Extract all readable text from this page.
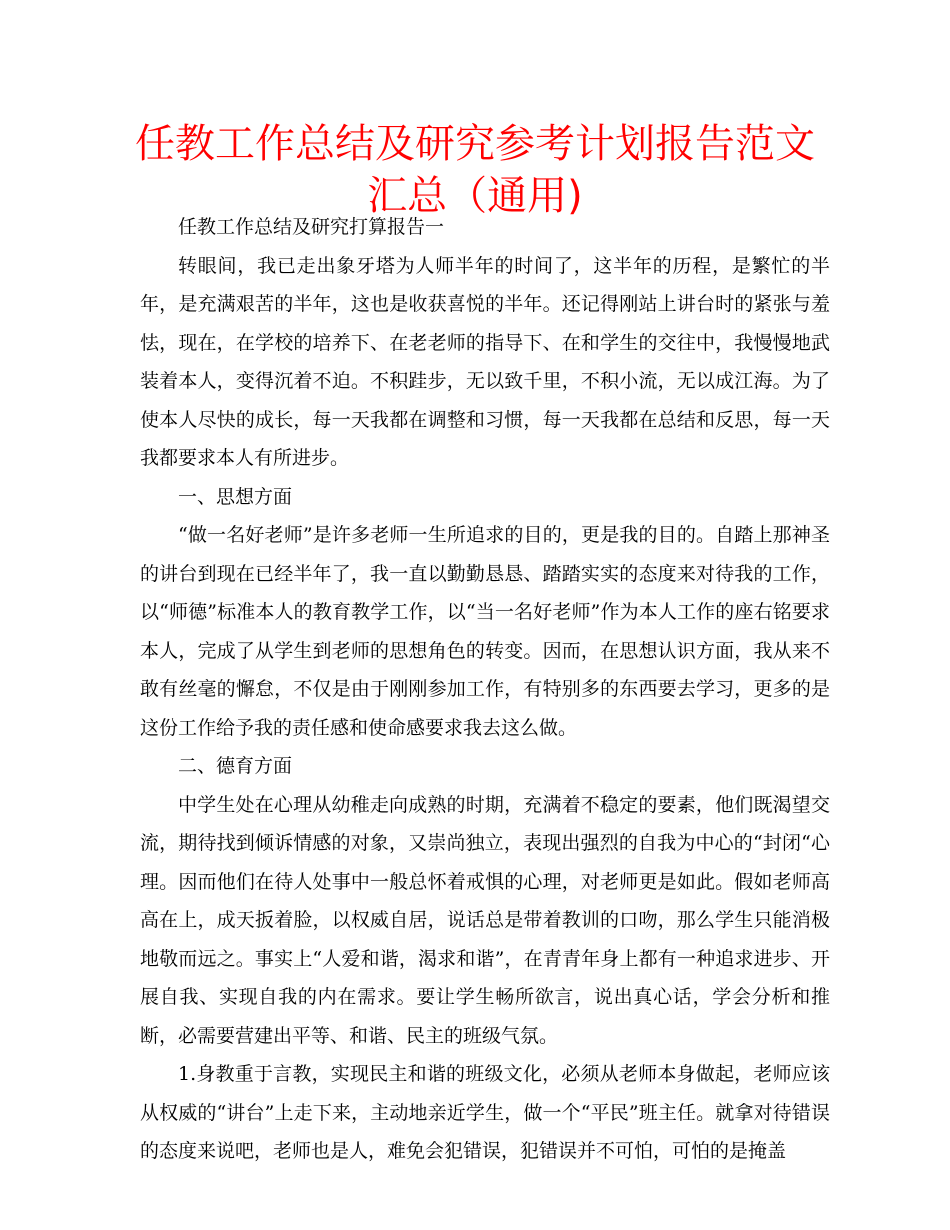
任教工作总结及研究参考计划报告范文汇总（通用)

任教工作总结及研究打算报告一

转眼间，我已走出象牙塔为人师半年的时间了，这半年的历程，是繁忙的半年，是充满艰苦的半年，这也是收获喜悦的半年。还记得刚站上讲台时的紧张与羞怯，现在，在学校的培养下、在老老师的指导下、在和学生的交往中，我慢慢地武装着本人，变得沉着不迫。不积跬步，无以致千里，不积小流，无以成江海。为了使本人尽快的成长，每一天我都在调整和习惯，每一天我都在总结和反思，每一天我都要求本人有所进步。

一、思想方面

“做一名好老师”是许多老师一生所追求的目的，更是我的目的。自踏上那神圣的讲台到现在已经半年了，我一直以勤勤恳恳、踏踏实实的态度来对待我的工作，以“师德”标准本人的教育教学工作，以“当一名好老师”作为本人工作的座右铭要求本人，完成了从学生到老师的思想角色的转变。因而，在思想认识方面，我从来不敢有丝毫的懈怠，不仅是由于刚刚参加工作，有特别多的东西要去学习，更多的是这份工作给予我的责任感和使命感要求我去这么做。

二、德育方面

中学生处在心理从幼稚走向成熟的时期，充满着不稳定的要素，他们既渴望交流，期待找到倾诉情感的对象，又崇尚独立，表现出强烈的自我为中心的“封闭“心理。因而他们在待人处事中一般总怀着戒惧的心理，对老师更是如此。假如老师高高在上，成天扳着脸，以权威自居，说话总是带着教训的口吻，那么学生只能消极地敬而远之。事实上“人爱和谐，渴求和谐”，在青青年身上都有一种追求进步、开展自我、实现自我的内在需求。要让学生畅所欲言，说出真心话，学会分析和推断，必需要营建出平等、和谐、民主的班级气氛。

1.身教重于言教，实现民主和谐的班级文化，必须从老师本身做起，老师应该从权威的“讲台”上走下来，主动地亲近学生，做一个“平民”班主任。就拿对待错误的态度来说吧，老师也是人，难免会犯错误，犯错误并不可怕，可怕的是掩盖
